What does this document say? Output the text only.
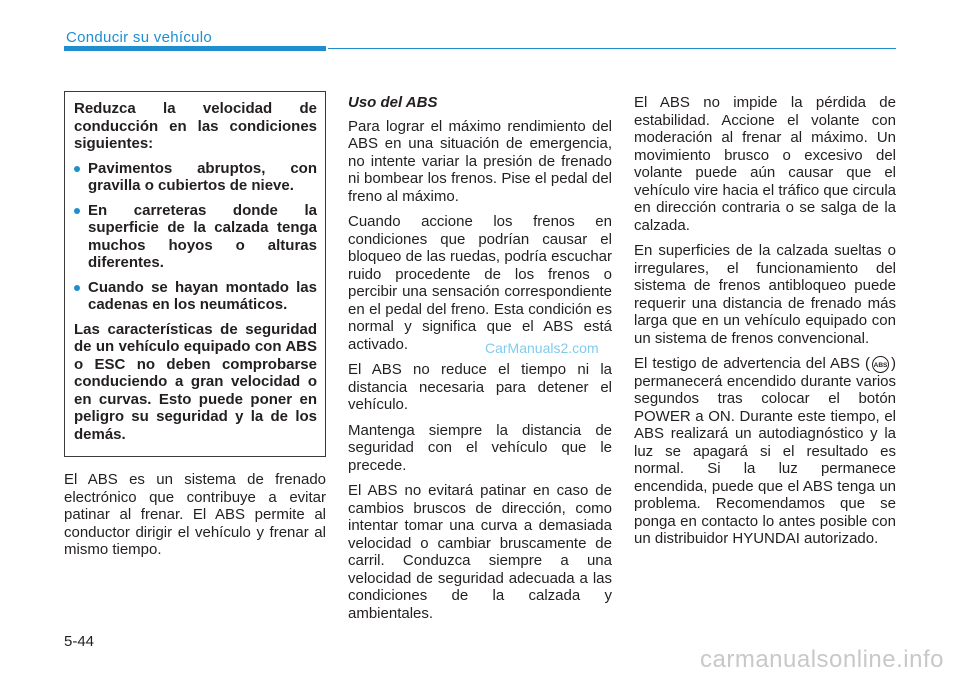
Conducir su vehículo

Reduzca la velocidad de conducción en las condiciones siguientes:

Pavimentos abruptos, con gravilla o cubiertos de nieve.
En carreteras donde la superficie de la calzada tenga muchos hoyos o alturas diferentes.
Cuando se hayan montado las cadenas en los neumáticos.

Las características de seguridad de un vehículo equipado con ABS o ESC no deben comprobarse conduciendo a gran velocidad o en curvas. Esto puede poner en peligro su seguridad y la de los demás.

El ABS es un sistema de frenado electrónico que contribuye a evitar patinar al frenar. El ABS permite al conductor dirigir el vehículo y frenar al mismo tiempo.

Uso del ABS

Para lograr el máximo rendimiento del ABS en una situación de emergencia, no intente variar la presión de frenado ni bombear los frenos. Pise el pedal del freno al máximo.

Cuando accione los frenos en condiciones que podrían causar el bloqueo de las ruedas, podría escuchar ruido procedente de los frenos o percibir una sensación correspondiente en el pedal del freno. Esta condición es normal y significa que el ABS está activado.

El ABS no reduce el tiempo ni la distancia necesaria para detener el vehículo.

Mantenga siempre la distancia de seguridad con el vehículo que le precede.

El ABS no evitará patinar en caso de cambios bruscos de dirección, como intentar tomar una curva a demasiada velocidad o cambiar bruscamente de carril. Conduzca siempre a una velocidad de seguridad adecuada a las condiciones de la calzada y ambientales.

El ABS no impide la pérdida de estabilidad. Accione el volante con moderación al frenar al máximo. Un movimiento brusco o excesivo del volante puede aún causar que el vehículo vire hacia el tráfico que circula en dirección contraria o se salga de la calzada.

En superficies de la calzada sueltas o irregulares, el funcionamiento del sistema de frenos antibloqueo puede requerir una distancia de frenado más larga que en un vehículo equipado con un sistema de frenos convencional.

El testigo de advertencia del ABS ( ABS ) permanecerá encendido durante varios segundos tras colocar el botón POWER a ON. Durante este tiempo, el ABS realizará un autodiagnóstico y la luz se apagará si el resultado es normal. Si la luz permanece encendida, puede que el ABS tenga un problema. Recomendamos que se ponga en contacto lo antes posible con un distribuidor HYUNDAI autorizado.

CarManuals2.com
5-44
carmanualsonline.info
